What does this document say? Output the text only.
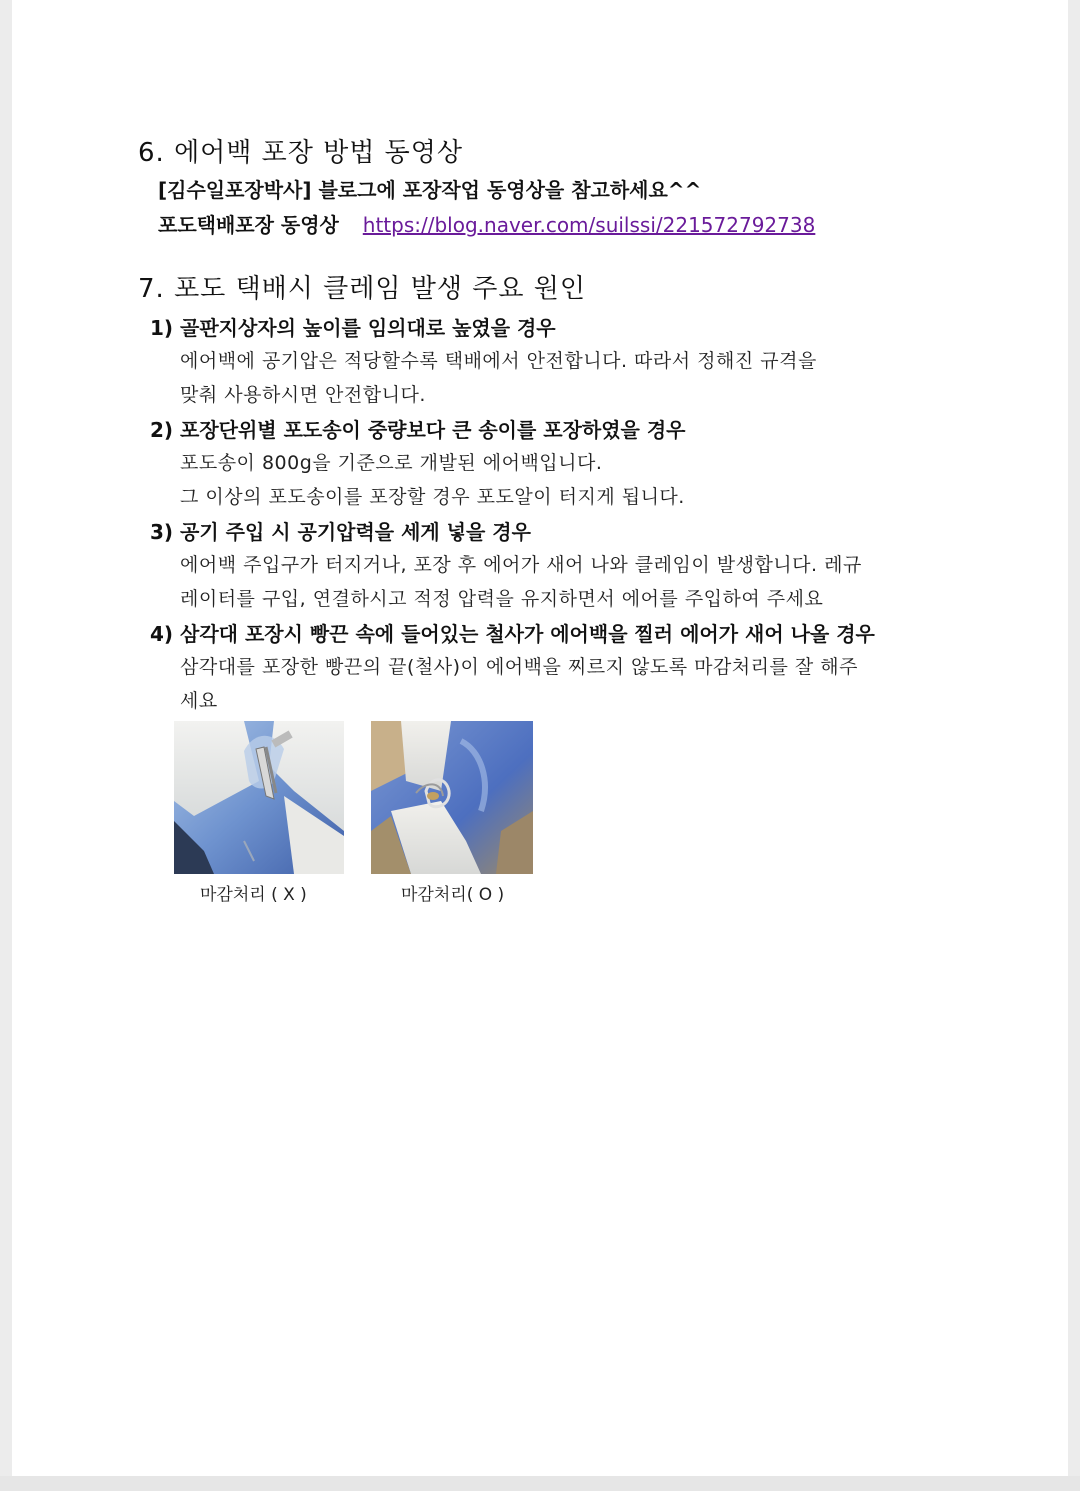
6. 에어백 포장 방법 동영상
[김수일포장박사] 블로그에 포장작업 동영상을 참고하세요^^
포도택배포장 동영상 https://blog.naver.com/suilssi/221572792738
7. 포도 택배시 클레임 발생 주요 원인
1) 골판지상자의 높이를 임의대로 높였을 경우
에어백에 공기압은 적당할수록 택배에서 안전합니다. 따라서 정해진 규격을
맞춰 사용하시면 안전합니다.
2) 포장단위별 포도송이 중량보다 큰 송이를 포장하였을 경우
포도송이 800g을 기준으로 개발된 에어백입니다.
그 이상의 포도송이를 포장할 경우 포도알이 터지게 됩니다.
3) 공기 주입 시 공기압력을 세게 넣을 경우
에어백 주입구가 터지거나, 포장 후 에어가 새어 나와 클레임이 발생합니다. 레규
레이터를 구입, 연결하시고 적정 압력을 유지하면서 에어를 주입하여 주세요
4) 삼각대 포장시 빵끈 속에 들어있는 철사가 에어백을 찔러 에어가 새어 나올 경우
삼각대를 포장한 빵끈의 끝(철사)이 에어백을 찌르지 않도록 마감처리를 잘 해주
세요
마감처리 ( X )	마감처리( O )
